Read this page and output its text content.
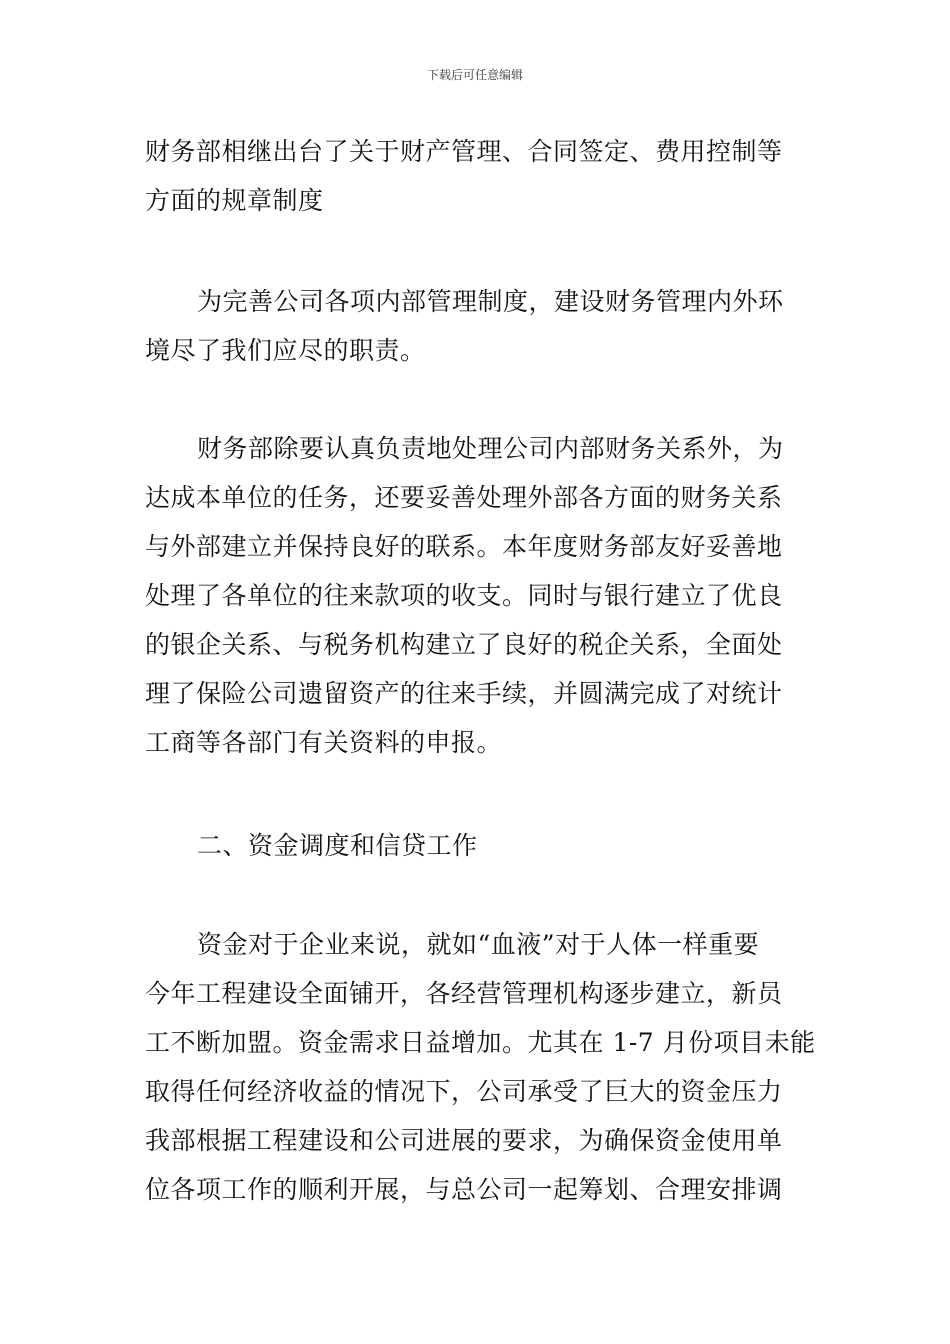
下载后可任意编辑
财务部相继出台了关于财产管理、合同签定、费用控制等
方面的规章制度
为完善公司各项内部管理制度，建设财务管理内外环
境尽了我们应尽的职责。
财务部除要认真负责地处理公司内部财务关系外，为
达成本单位的任务，还要妥善处理外部各方面的财务关系
与外部建立并保持良好的联系。本年度财务部友好妥善地
处理了各单位的往来款项的收支。同时与银行建立了优良
的银企关系、与税务机构建立了良好的税企关系，全面处
理了保险公司遗留资产的往来手续，并圆满完成了对统计
工商等各部门有关资料的申报。
二、资金调度和信贷工作
资金对于企业来说，就如“血液”对于人体一样重要
今年工程建设全面铺开，各经营管理机构逐步建立，新员
工不断加盟。资金需求日益增加。尤其在 1-7 月份项目未能
取得任何经济收益的情况下，公司承受了巨大的资金压力
我部根据工程建设和公司进展的要求，为确保资金使用单
位各项工作的顺利开展，与总公司一起筹划、合理安排调
